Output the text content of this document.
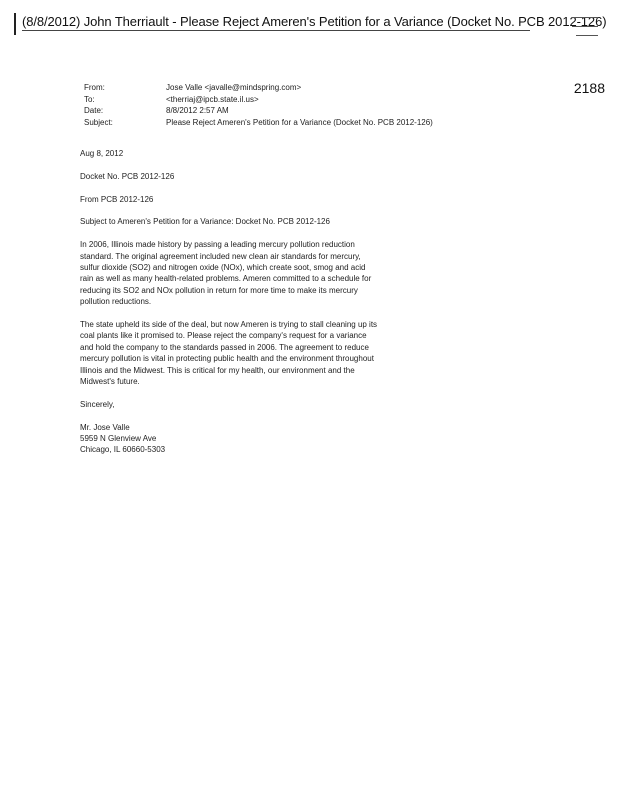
(8/8/2012) John Therriault - Please Reject Ameren's Petition for a Variance (Docket No. PCB 2012-126)
2188
From:	Jose Valle <javalle@mindspring.com>
To:	<therriaj@ipcb.state.il.us>
Date:	8/8/2012 2:57 AM
Subject:	Please Reject Ameren's Petition for a Variance (Docket No. PCB 2012-126)

Aug 8, 2012

Docket No. PCB 2012-126

From PCB 2012-126

Subject to Ameren's Petition for a Variance: Docket No. PCB 2012-126

In 2006, Illinois made history by passing a leading mercury pollution reduction standard. The original agreement included new clean air standards for mercury, sulfur dioxide (SO2) and nitrogen oxide (NOx), which create soot, smog and acid rain as well as many health-related problems. Ameren committed to a schedule for reducing its SO2 and NOx pollution in return for more time to make its mercury pollution reductions.

The state upheld its side of the deal, but now Ameren is trying to stall cleaning up its coal plants like it promised to. Please reject the company's request for a variance and hold the company to the standards passed in 2006. The agreement to reduce mercury pollution is vital in protecting public health and the environment throughout Illinois and the Midwest. This is critical for my health, our environment and the Midwest's future.

Sincerely,

Mr. Jose Valle

5959 N Glenview Ave

Chicago, IL 60660-5303
